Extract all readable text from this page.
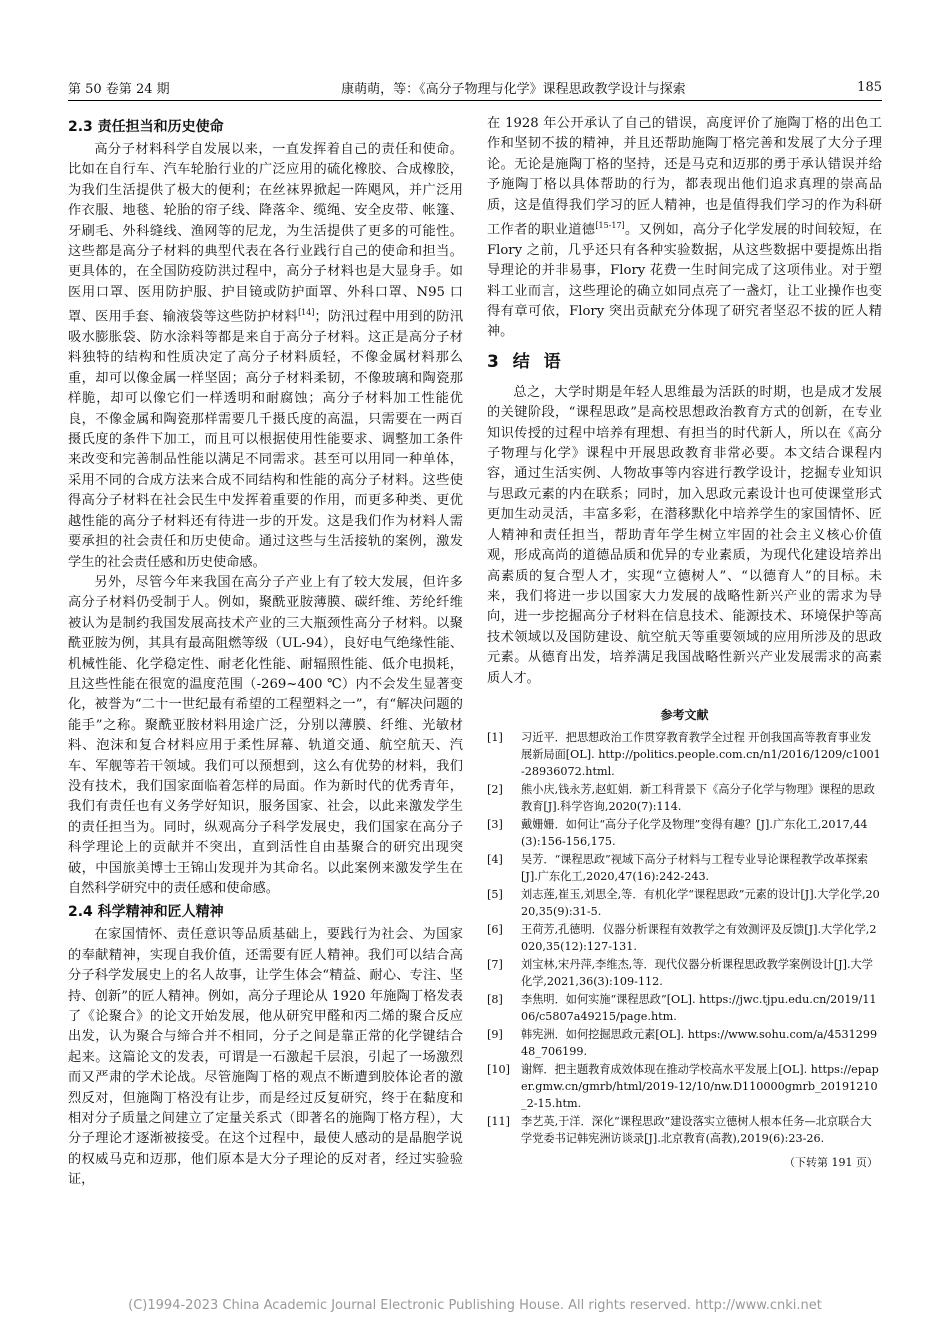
第 50 卷第 24 期	康萌萌，等：《高分子物理与化学》课程思政教学设计与探索	185
2.3 责任担当和历史使命

高分子材料科学自发展以来，一直发挥着自己的责任和使命。比如在自行车、汽车轮胎行业的广泛应用的硫化橡胶、合成橡胶，为我们生活提供了极大的便利；在丝袜界掀起一阵飓风，并广泛用作衣服、地毯、轮胎的帘子线、降落伞、缆绳、安全皮带、帐篷、牙刷毛、外科缝线、渔网等的尼龙，为生活提供了更多的可能性。这些都是高分子材料的典型代表在各行业践行自己的使命和担当。更具体的，在全国防疫防洪过程中，高分子材料也是大显身手。如医用口罩、医用防护服、护目镜或防护面罩、外科口罩、N95 口罩、医用手套、输液袋等这些防护材料[14]；防汛过程中用到的防汛吸水膨胀袋、防水涂料等都是来自于高分子材料。这正是高分子材料独特的结构和性质决定了高分子材料质轻，不像金属材料那么重，却可以像金属一样坚固；高分子材料柔韧，不像玻璃和陶瓷那样脆，却可以像它们一样透明和耐腐蚀；高分子材料加工性能优良，不像金属和陶瓷那样需要几千摄氏度的高温，只需要在一两百摄氏度的条件下加工，而且可以根据使用性能要求、调整加工条件来改变和完善制品性能以满足不同需求。甚至可以用同一种单体，采用不同的合成方法来合成不同结构和性能的高分子材料。这些使得高分子材料在社会民生中发挥着重要的作用，而更多种类、更优越性能的高分子材料还有待进一步的开发。这是我们作为材料人需要承担的社会责任和历史使命。通过这些与生活接轨的案例，激发学生的社会责任感和历史使命感。

另外，尽管今年来我国在高分子产业上有了较大发展，但许多高分子材料仍受制于人。例如，聚酰亚胺薄膜、碳纤维、芳纶纤维被认为是制约我国发展高技术产业的三大瓶颈性高分子材料。以聚酰亚胺为例，其具有最高阻燃等级（UL-94），良好电气绝缘性能、机械性能、化学稳定性、耐老化性能、耐辐照性能、低介电损耗，且这些性能在很宽的温度范围（-269~400 ℃）内不会发生显著变化，被誉为“二十一世纪最有希望的工程塑料之一”，有“解决问题的能手”之称。聚酰亚胺材料用途广泛，分别以薄膜、纤维、光敏材料、泡沫和复合材料应用于柔性屏幕、轨道交通、航空航天、汽车、军舰等若干领域。我们可以预想到，这么有优势的材料，我们没有技术，我们国家面临着怎样的局面。作为新时代的优秀青年，我们有责任也有义务学好知识，服务国家、社会，以此来激发学生的责任担当为。同时，纵观高分子科学发展史，我们国家在高分子科学理论上的贡献并不突出，直到活性自由基聚合的研究出现突破，中国旅美博士王锦山发现并为其命名。以此案例来激发学生在自然科学研究中的责任感和使命感。

2.4 科学精神和匠人精神

在家国情怀、责任意识等品质基础上，要践行为社会、为国家的奉献精神，实现自我价值，还需要有匠人精神。我们可以结合高分子科学发展史上的名人故事，让学生体会“精益、耐心、专注、坚持、创新”的匠人精神。例如，高分子理论从 1920 年施陶丁格发表了《论聚合》的论文开始发展，他从研究甲醛和丙二烯的聚合反应出发，认为聚合与缔合并不相同，分子之间是靠正常的化学键结合起来。这篇论文的发表，可谓是一石激起千层浪，引起了一场激烈而又严肃的学术论战。尽管施陶丁格的观点不断遭到胶体论者的激烈反对，但施陶丁格没有让步，而是经过反复研究，终于在黏度和相对分子质量之间建立了定量关系式（即著名的施陶丁格方程），大分子理论才逐渐被接受。在这个过程中，最使人感动的是晶胞学说的权威马克和迈那，他们原本是大分子理论的反对者，经过实验验证，

在 1928 年公开承认了自己的错误，高度评价了施陶丁格的出色工作和坚韧不拔的精神，并且还帮助施陶丁格完善和发展了大分子理论。无论是施陶丁格的坚持，还是马克和迈那的勇于承认错误并给予施陶丁格以具体帮助的行为，都表现出他们追求真理的崇高品质，这是值得我们学习的匠人精神，也是值得我们学习的作为科研工作者的职业道德[15-17]。又例如，高分子化学发展的时间较短，在 Flory 之前，几乎还只有各种实验数据，从这些数据中要提炼出指导理论的并非易事，Flory 花费一生时间完成了这项伟业。对于塑料工业而言，这些理论的确立如同点亮了一盏灯，让工业操作也变得有章可依，Flory 突出贡献充分体现了研究者坚忍不拔的匠人精神。

3 结 语

总之，大学时期是年轻人思维最为活跃的时期，也是成才发展的关键阶段，“课程思政”是高校思想政治教育方式的创新，在专业知识传授的过程中培养有理想、有担当的时代新人，所以在《高分子物理与化学》课程中开展思政教育非常必要。本文结合课程内容，通过生活实例、人物故事等内容进行教学设计，挖掘专业知识与思政元素的内在联系；同时，加入思政元素设计也可使课堂形式更加生动灵活，丰富多彩，在潜移默化中培养学生的家国情怀、匠人精神和责任担当，帮助青年学生树立牢固的社会主义核心价值观，形成高尚的道德品质和优异的专业素质，为现代化建设培养出高素质的复合型人才，实现“立德树人”、“以德育人”的目标。未来，我们将进一步以国家大力发展的战略性新兴产业的需求为导向，进一步挖掘高分子材料在信息技术、能源技术、环境保护等高技术领域以及国防建设、航空航天等重要领域的应用所涉及的思政元素。从德育出发，培养满足我国战略性新兴产业发展需求的高素质人才。

参考文献
[1]	习近平．把思想政治工作贯穿教育教学全过程 开创我国高等教育事业发展新局面[OL]. http://politics.people.com.cn/n1/2016/1209/c1001-28936072.html.
[2]	熊小庆,钱永芳,赵虹娟．新工科背景下《高分子化学与物理》课程的思政教育[J].科学咨询,2020(7):114.
[3]	戴姗姗．如何让“高分子化学及物理”变得有趣？[J].广东化工,2017,44(3):156-156,175.
[4]	吴芳．“课程思政”视域下高分子材料与工程专业导论课程教学改革探索[J].广东化工,2020,47(16):242-243.
[5]	刘志莲,崔玉,刘思全,等．有机化学“课程思政”元素的设计[J].大学化学,2020,35(9):31-5.
[6]	王荷芳,孔德明．仪器分析课程有效教学之有效测评及反馈[J].大学化学,2020,35(12):127-131.
[7]	刘宝林,宋丹萍,李维杰,等．现代仪器分析课程思政教学案例设计[J].大学化学,2021,36(3):109-112.
[8]	李焦明．如何实施“课程思政”[OL]. https://jwc.tjpu.edu.cn/2019/1106/c5807a49215/page.htm.
[9]	韩宪洲．如何挖掘思政元素[OL]. https://www.sohu.com/a/453129948_706199.
[10] 谢辉．把主题教育成效体现在推动学校高水平发展上[OL]. https://epaper.gmw.cn/gmrb/html/2019-12/10/nw.D110000gmrb_20191210_2-15.htm.
[11] 李艺英,于洋．深化“课程思政”建设落实立德树人根本任务—北京联合大学党委书记韩宪洲访谈录[J].北京教育(高教),2019(6):23-26.
（下转第 191 页）
(C)1994-2023 China Academic Journal Electronic Publishing House. All rights reserved. http://www.cnki.net
